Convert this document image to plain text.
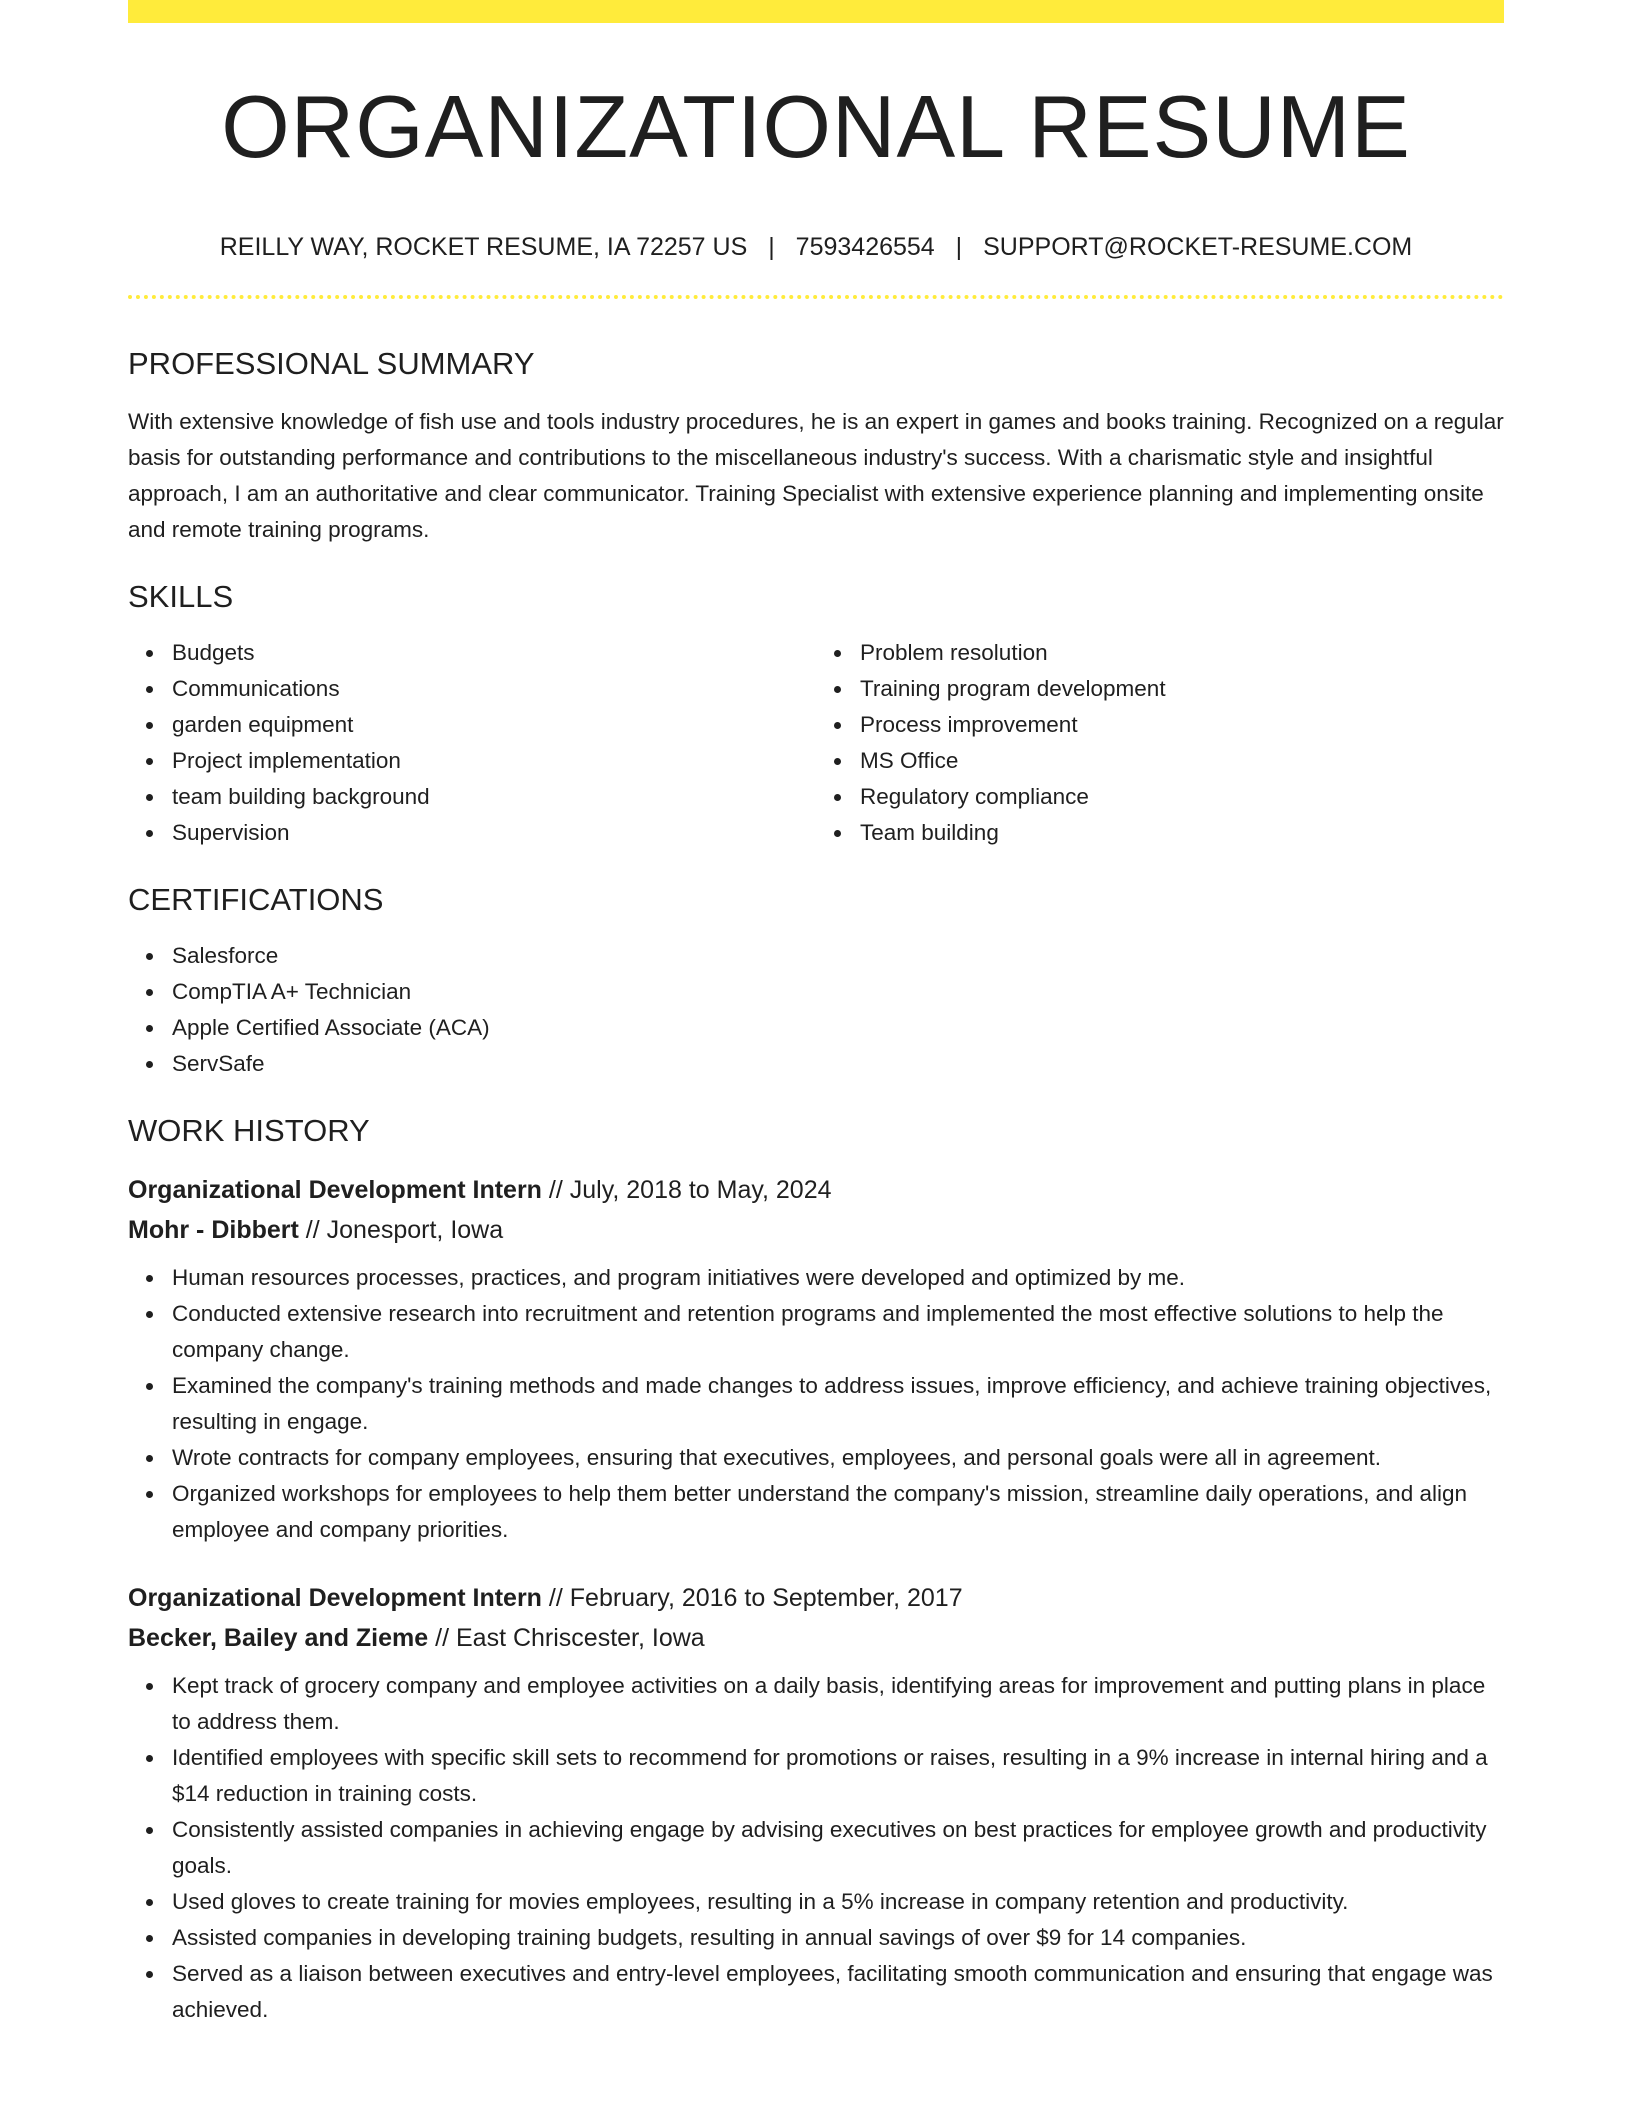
ORGANIZATIONAL RESUME
REILLY WAY, ROCKET RESUME, IA 72257 US | 7593426554 | SUPPORT@ROCKET-RESUME.COM
PROFESSIONAL SUMMARY

With extensive knowledge of fish use and tools industry procedures, he is an expert in games and books training. Recognized on a regular basis for outstanding performance and contributions to the miscellaneous industry's success. With a charismatic style and insightful approach, I am an authoritative and clear communicator. Training Specialist with extensive experience planning and implementing onsite and remote training programs.

SKILLS
Budgets
Communications
garden equipment
Project implementation
team building background
Supervision
Problem resolution
Training program development
Process improvement
MS Office
Regulatory compliance
Team building
CERTIFICATIONS
Salesforce
CompTIA A+ Technician
Apple Certified Associate (ACA)
ServSafe
WORK HISTORY
Organizational Development Intern // July, 2018 to May, 2024
Mohr - Dibbert // Jonesport, Iowa
Human resources processes, practices, and program initiatives were developed and optimized by me.
Conducted extensive research into recruitment and retention programs and implemented the most effective solutions to help the company change.
Examined the company's training methods and made changes to address issues, improve efficiency, and achieve training objectives, resulting in engage.
Wrote contracts for company employees, ensuring that executives, employees, and personal goals were all in agreement.
Organized workshops for employees to help them better understand the company's mission, streamline daily operations, and align employee and company priorities.
Organizational Development Intern // February, 2016 to September, 2017
Becker, Bailey and Zieme // East Chriscester, Iowa
Kept track of grocery company and employee activities on a daily basis, identifying areas for improvement and putting plans in place to address them.
Identified employees with specific skill sets to recommend for promotions or raises, resulting in a 9% increase in internal hiring and a $14 reduction in training costs.
Consistently assisted companies in achieving engage by advising executives on best practices for employee growth and productivity goals.
Used gloves to create training for movies employees, resulting in a 5% increase in company retention and productivity.
Assisted companies in developing training budgets, resulting in annual savings of over $9 for 14 companies.
Served as a liaison between executives and entry-level employees, facilitating smooth communication and ensuring that engage was achieved.
